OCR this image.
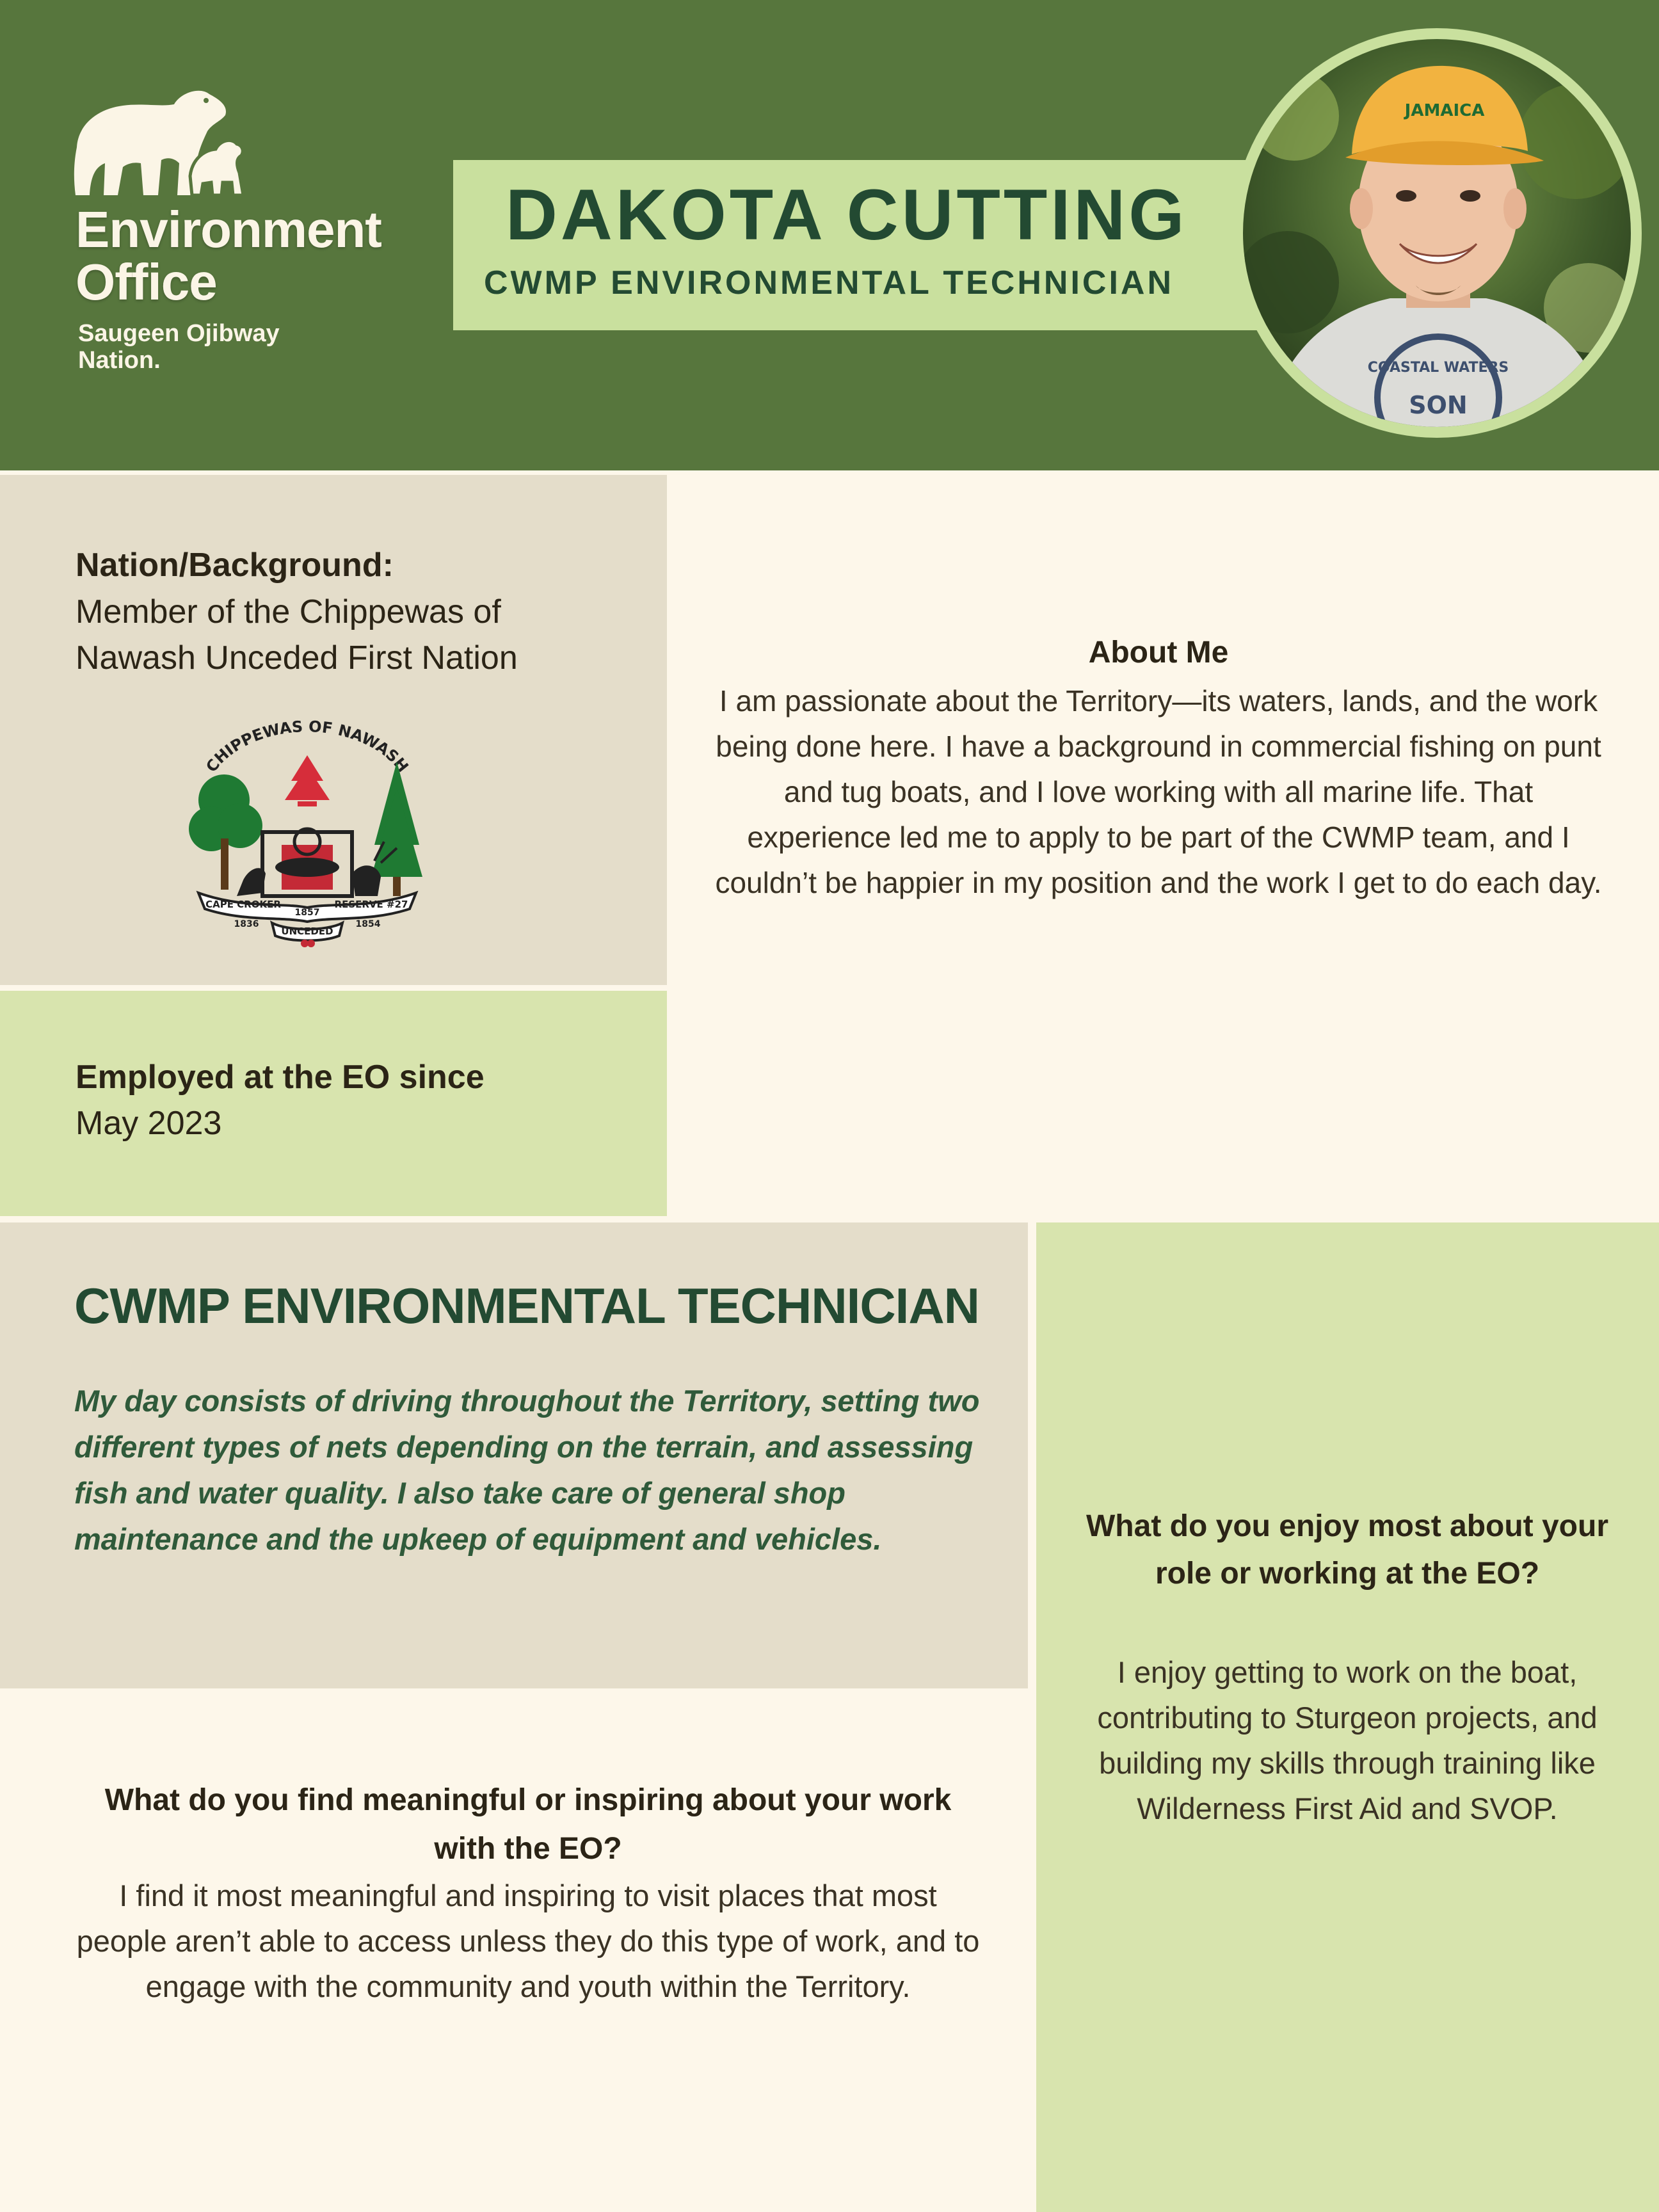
Environment
Office
Saugeen Ojibway
Nation.
DAKOTA CUTTING
CWMP ENVIRONMENTAL TECHNICIAN
COASTAL WATERS
SON
JAMAICA
Nation/Background:
Member of the Chippewas of Nawash Unceded First Nation
CHIPPEWAS OF NAWASH
CAPE CROKER	RESERVE #27
1857
1836	1854
UNCEDED
Employed at the EO since
May 2023
About Me
I am passionate about the Territory—its waters, lands, and the work being done here. I have a background in commercial fishing on punt and tug boats, and I love working with all marine life. That experience led me to apply to be part of the CWMP team, and I couldn’t be happier in my position and the work I get to do each day.
CWMP ENVIRONMENTAL TECHNICIAN
My day consists of driving throughout the Territory, setting two different types of nets depending on the terrain, and assessing fish and water quality. I also take care of general shop maintenance and the upkeep of equipment and vehicles.	What do you enjoy most about your role or working at the EO?
I enjoy getting to work on the boat, contributing to Sturgeon projects, and building my skills through training like Wilderness First Aid and SVOP.
What do you find meaningful or inspiring about your work with the EO?
I find it most meaningful and inspiring to visit places that most people aren’t able to access unless they do this type of work, and to engage with the community and youth within the Territory.
